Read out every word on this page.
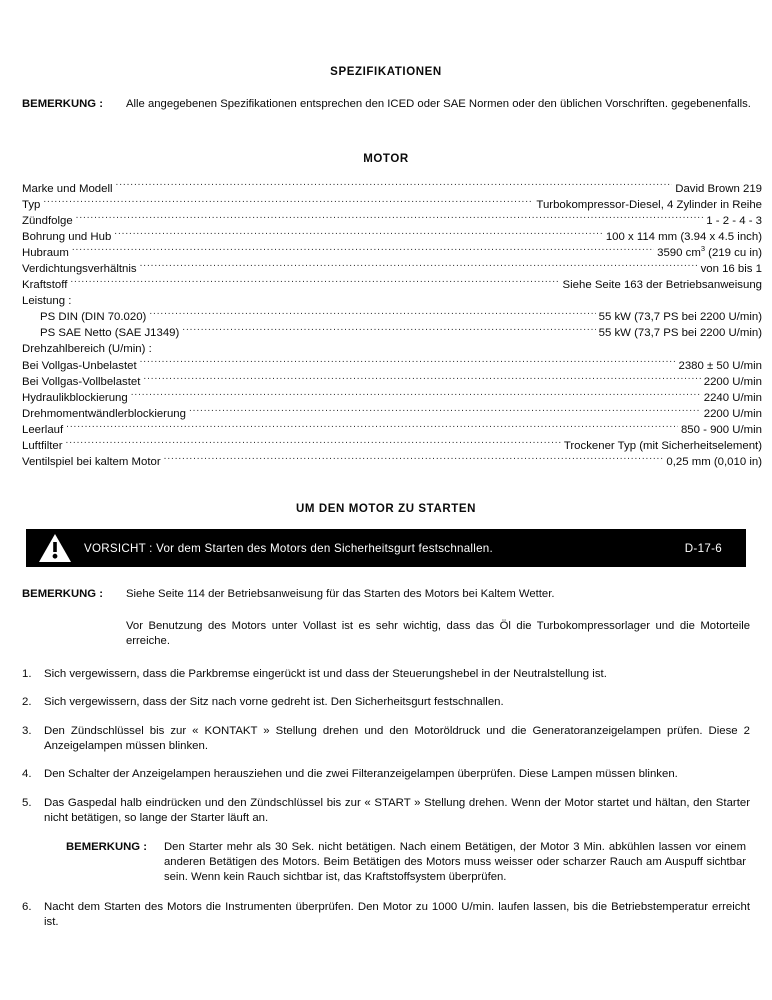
SPEZIFIKATIONEN
BEMERKUNG :	Alle angegebenen Spezifikationen entsprechen den ICED oder SAE Normen oder den üblichen Vorschriften. gegebenenfalls.
MOTOR
Marke und Modell .....	David Brown 219
Typ .....	Turbokompressor-Diesel, 4 Zylinder in Reihe
Zündfolge .....	1 - 2 - 4 - 3
Bohrung und Hub .....	100 x 114 mm (3.94 x 4.5 inch)
Hubraum .....	3590 $cm^3$ (219 cu in)
Verdichtungsverhältnis .....	von 16 bis 1
Kraftstoff .....	Siehe Seite 163 der Betriebsanweisung
Leistung :
PS DIN (DIN 70.020) .....	55 kW (73,7 PS bei 2200 U/min)
PS SAE Netto (SAE J1349) .....	55 kW (73,7 PS bei 2200 U/min)
Drehzahlbereich (U/min) :
Bei Vollgas-Unbelastet .....	2380 ± 50 U/min
Bei Vollgas-Vollbelastet .....	2200 U/min
Hydraulikblockierung .....	2240 U/min
Drehmomentwändlerblockierung .....	2200 U/min
Leerlauf .....	850 - 900 U/min
Luftfilter .....	Trockener Typ (mit Sicherheitselement)
Ventilspiel bei kaltem Motor .....	0,25 mm (0,010 in)
UM DEN MOTOR ZU STARTEN
VORSICHT : Vor dem Starten des Motors den Sicherheitsgurt festschnallen.	D-17-6
BEMERKUNG :	Siehe Seite 114 der Betriebsanweisung für das Starten des Motors bei Kaltem Wetter.
Vor Benutzung des Motors unter Vollast ist es sehr wichtig, dass das Öl die Turbokompressorlager und die Motorteile erreiche.
1.	Sich vergewissern, dass die Parkbremse eingerückt ist und dass der Steuerungshebel in der Neutralstellung ist.
2.	Sich vergewissern, dass der Sitz nach vorne gedreht ist. Den Sicherheitsgurt festschnallen.
3.	Den Zündschlüssel bis zur « KONTAKT » Stellung drehen und den Motoröldruck und die Generatoranzeigelampen prüfen. Diese 2 Anzeigelampen müssen blinken.
4.	Den Schalter der Anzeigelampen herausziehen und die zwei Filteranzeigelampen überprüfen. Diese Lampen müssen blinken.
5.	Das Gaspedal halb eindrücken und den Zündschlüssel bis zur « START » Stellung drehen. Wenn der Motor startet und hältan, den Starter nicht betätigen, so lange der Starter läuft an.
BEMERKUNG :	Den Starter mehr als 30 Sek. nicht betätigen. Nach einem Betätigen, der Motor 3 Min. abkühlen lassen vor einem anderen Betätigen des Motors. Beim Betätigen des Motors muss weisser oder scharzer Rauch am Auspuff sichtbar sein. Wenn kein Rauch sichtbar ist, das Kraftstoffsystem überprüfen.
6.	Nacht dem Starten des Motors die Instrumenten überprüfen. Den Motor zu 1000 U/min. laufen lassen, bis die Betriebstemperatur erreicht ist.
